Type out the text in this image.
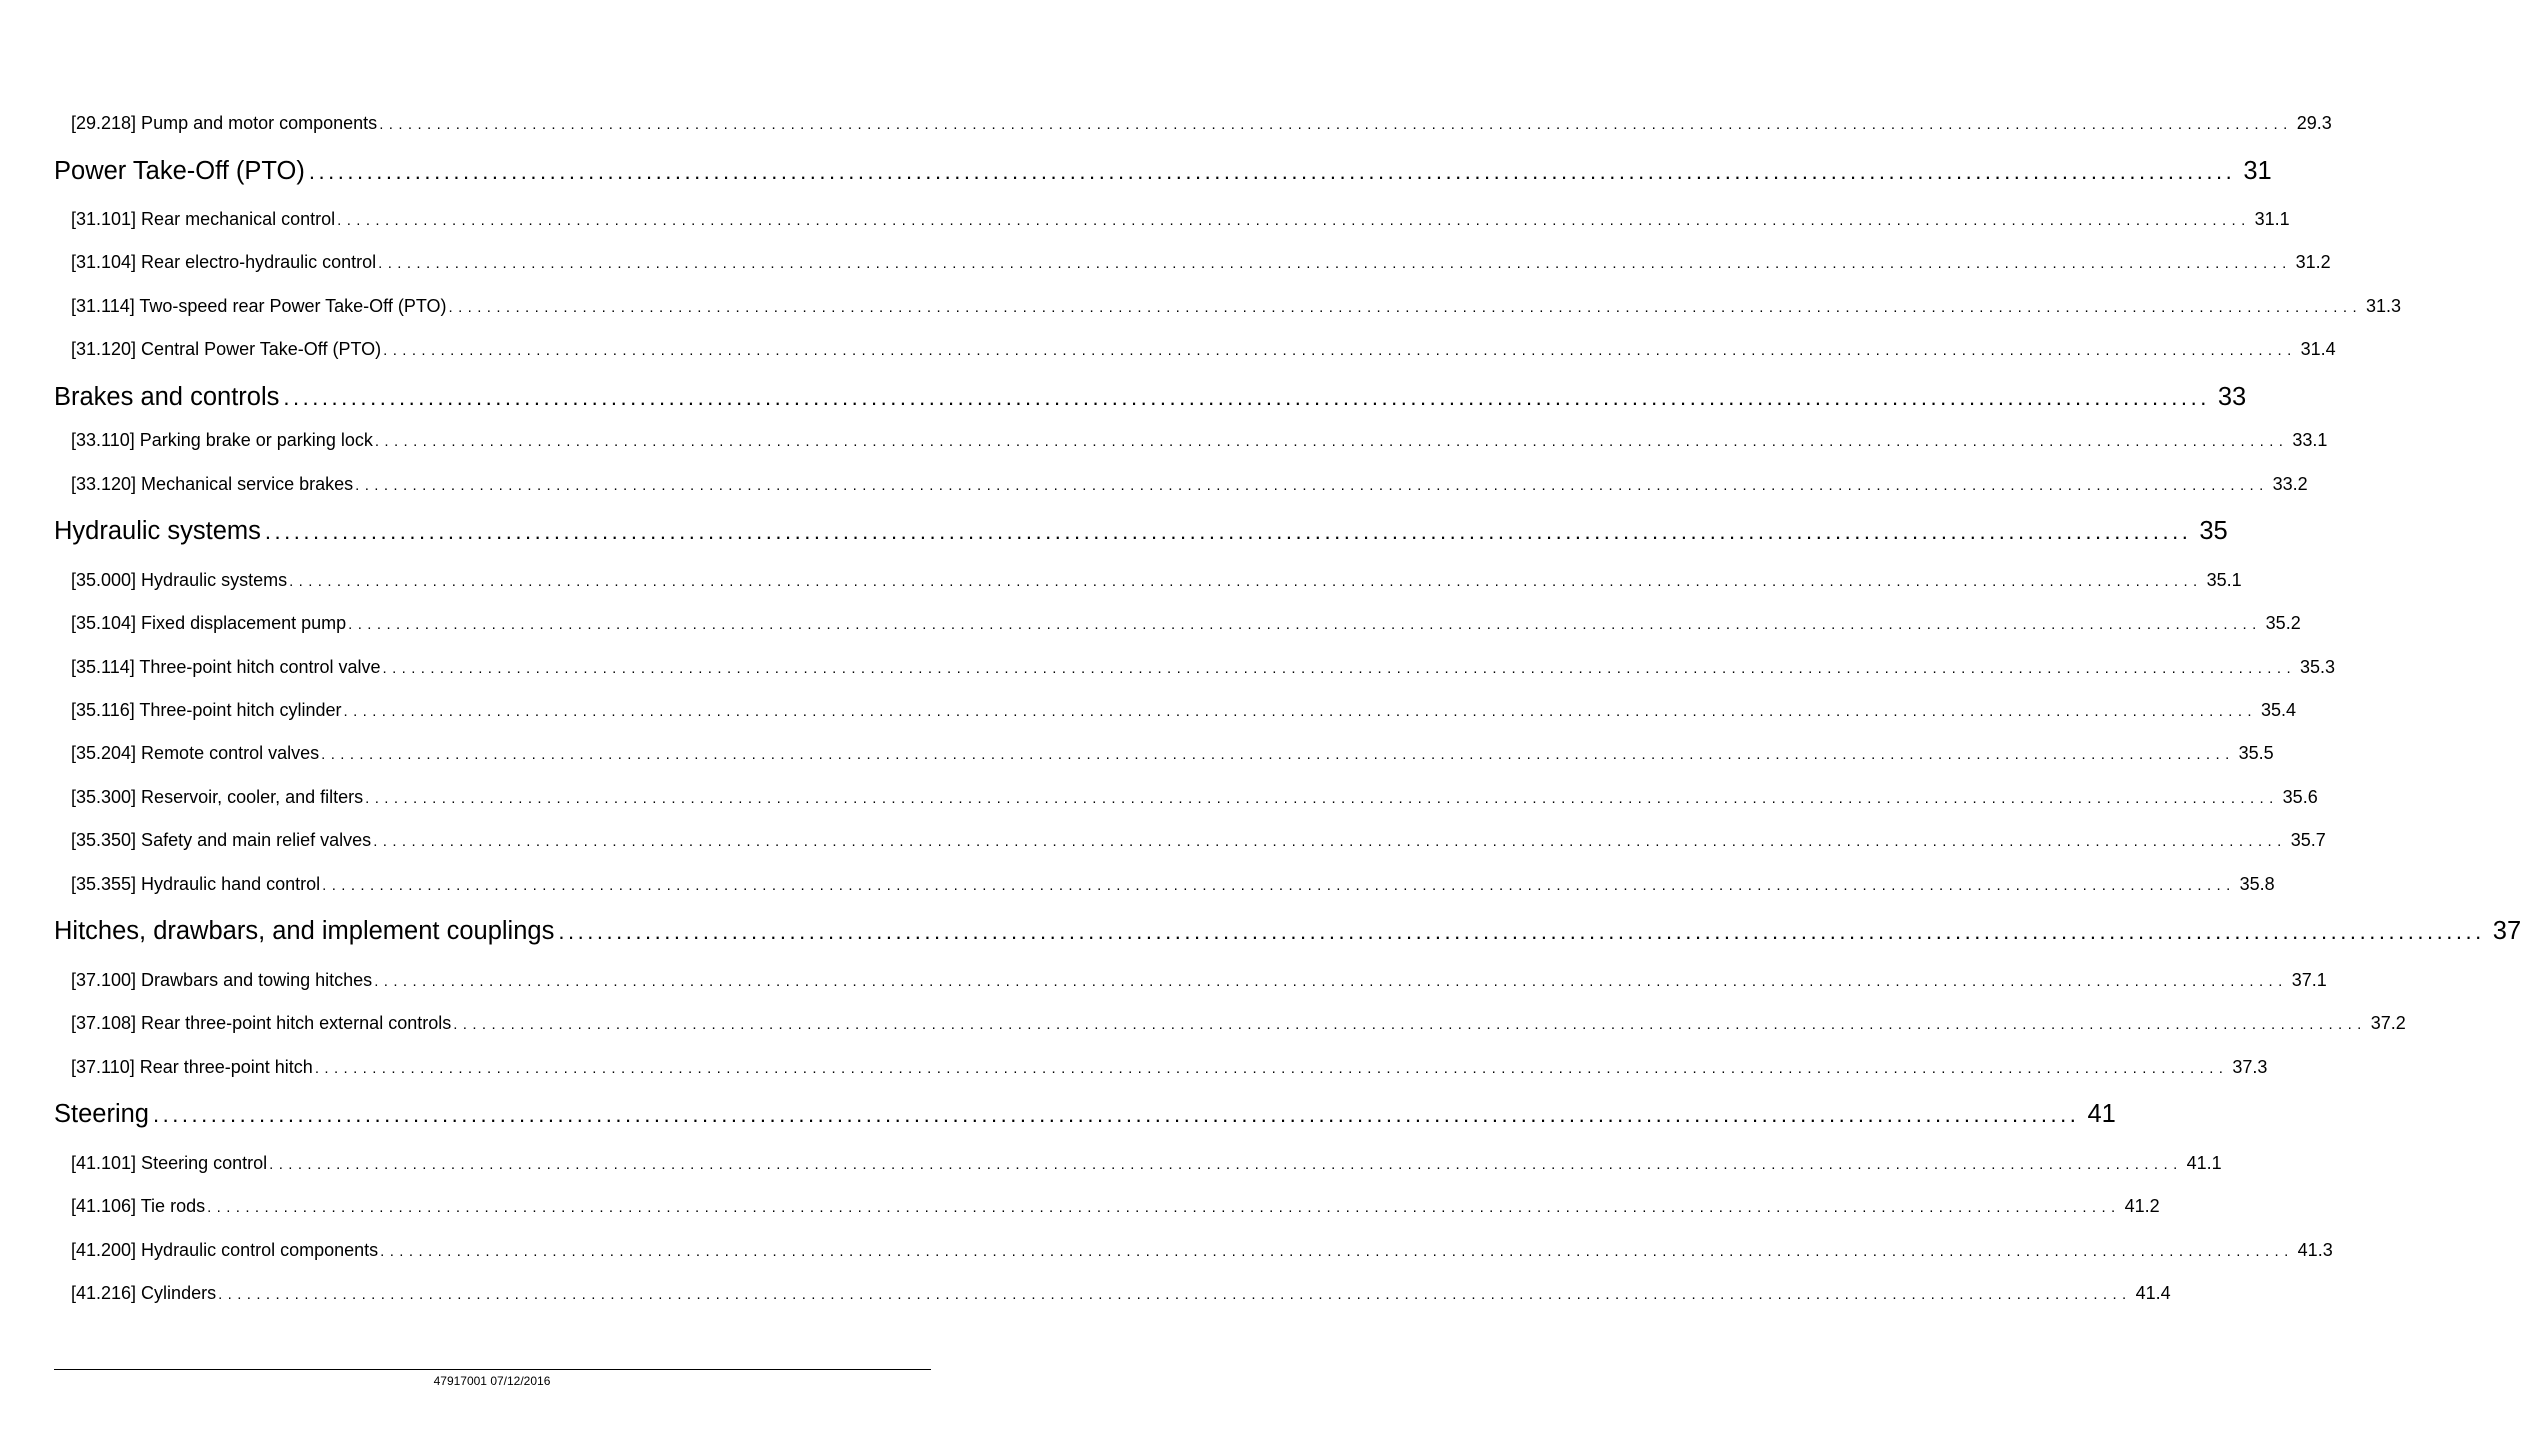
[29.218] Pump and motor components ........................................................................................................................................................................................................ 29.3
Power Take-Off (PTO) ........................................................................................................................................................................................................ 31
[31.101] Rear mechanical control ........................................................................................................................................................................................................ 31.1
[31.104] Rear electro-hydraulic control ........................................................................................................................................................................................................ 31.2
[31.114] Two-speed rear Power Take-Off (PTO) ........................................................................................................................................................................................................ 31.3
[31.120] Central Power Take-Off (PTO) ........................................................................................................................................................................................................ 31.4
Brakes and controls ........................................................................................................................................................................................................ 33
[33.110] Parking brake or parking lock ........................................................................................................................................................................................................ 33.1
[33.120] Mechanical service brakes ........................................................................................................................................................................................................ 33.2
Hydraulic systems ........................................................................................................................................................................................................ 35
[35.000] Hydraulic systems ........................................................................................................................................................................................................ 35.1
[35.104] Fixed displacement pump ........................................................................................................................................................................................................ 35.2
[35.114] Three-point hitch control valve ........................................................................................................................................................................................................ 35.3
[35.116] Three-point hitch cylinder ........................................................................................................................................................................................................ 35.4
[35.204] Remote control valves ........................................................................................................................................................................................................ 35.5
[35.300] Reservoir, cooler, and filters ........................................................................................................................................................................................................ 35.6
[35.350] Safety and main relief valves ........................................................................................................................................................................................................ 35.7
[35.355] Hydraulic hand control ........................................................................................................................................................................................................ 35.8
Hitches, drawbars, and implement couplings ........................................................................................................................................................................................................ 37
[37.100] Drawbars and towing hitches ........................................................................................................................................................................................................ 37.1
[37.108] Rear three-point hitch external controls ........................................................................................................................................................................................................ 37.2
[37.110] Rear three-point hitch ........................................................................................................................................................................................................ 37.3
Steering ........................................................................................................................................................................................................ 41
[41.101] Steering control ........................................................................................................................................................................................................ 41.1
[41.106] Tie rods ........................................................................................................................................................................................................ 41.2
[41.200] Hydraulic control components ........................................................................................................................................................................................................ 41.3
[41.216] Cylinders ........................................................................................................................................................................................................ 41.4
47917001 07/12/2016
